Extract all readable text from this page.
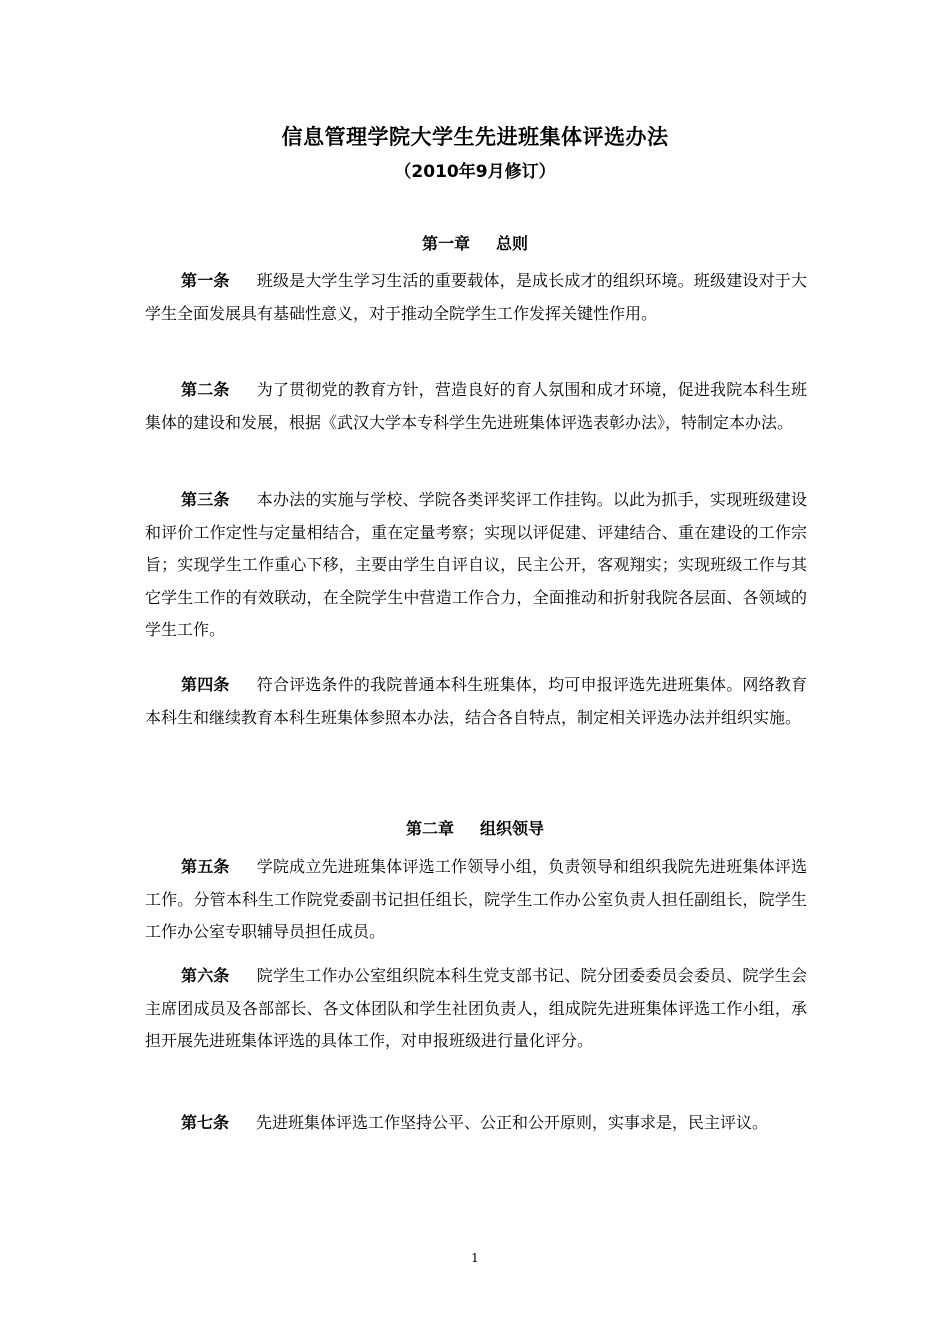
信息管理学院大学生先进班集体评选办法
（2010年9月修订）
第一章 总则
第一条 班级是大学生学习生活的重要载体，是成长成才的组织环境。班级建设对于大学生全面发展具有基础性意义，对于推动全院学生工作发挥关键性作用。
第二条 为了贯彻党的教育方针，营造良好的育人氛围和成才环境，促进我院本科生班集体的建设和发展，根据《武汉大学本专科学生先进班集体评选表彰办法》，特制定本办法。
第三条 本办法的实施与学校、学院各类评奖评工作挂钩。以此为抓手，实现班级建设和评价工作定性与定量相结合，重在定量考察；实现以评促建、评建结合、重在建设的工作宗旨；实现学生工作重心下移，主要由学生自评自议，民主公开，客观翔实；实现班级工作与其它学生工作的有效联动，在全院学生中营造工作合力，全面推动和折射我院各层面、各领域的学生工作。
第四条 符合评选条件的我院普通本科生班集体，均可申报评选先进班集体。网络教育本科生和继续教育本科生班集体参照本办法，结合各自特点，制定相关评选办法并组织实施。
第二章 组织领导
第五条 学院成立先进班集体评选工作领导小组，负责领导和组织我院先进班集体评选工作。分管本科生工作院党委副书记担任组长，院学生工作办公室负责人担任副组长，院学生工作办公室专职辅导员担任成员。
第六条 院学生工作办公室组织院本科生党支部书记、院分团委委员会委员、院学生会主席团成员及各部部长、各文体团队和学生社团负责人，组成院先进班集体评选工作小组，承担开展先进班集体评选的具体工作，对申报班级进行量化评分。
第七条 先进班集体评选工作坚持公平、公正和公开原则，实事求是，民主评议。
1
